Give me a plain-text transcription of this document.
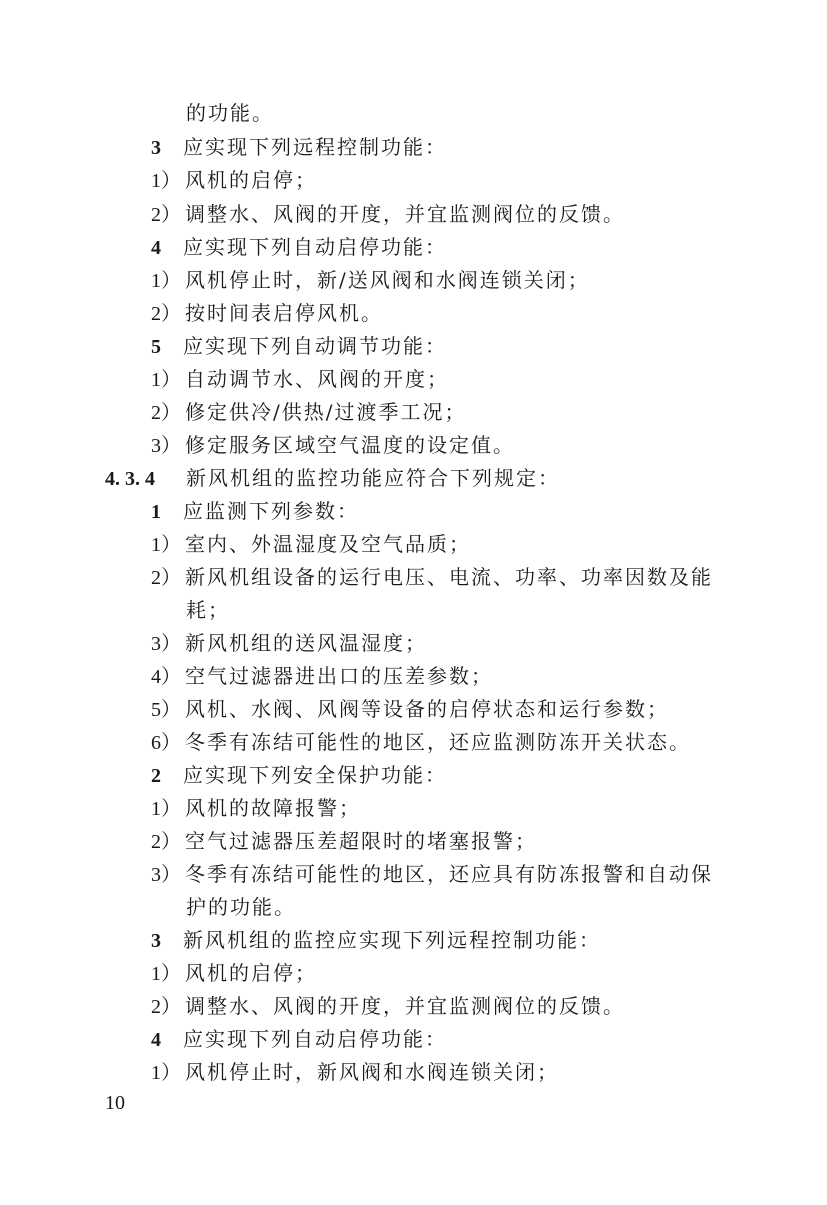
的功能。
3 应实现下列远程控制功能：
1） 风机的启停；
2） 调整水、风阀的开度，并宜监测阀位的反馈。
4 应实现下列自动启停功能：
1） 风机停止时，新/送风阀和水阀连锁关闭；
2） 按时间表启停风机。
5 应实现下列自动调节功能：
1） 自动调节水、风阀的开度；
2） 修定供冷/供热/过渡季工况；
3） 修定服务区域空气温度的设定值。
4. 3. 4 新风机组的监控功能应符合下列规定：
1 应监测下列参数：
1） 室内、外温湿度及空气品质；
2） 新风机组设备的运行电压、电流、功率、功率因数及能
耗；
3） 新风机组的送风温湿度；
4） 空气过滤器进出口的压差参数；
5） 风机、水阀、风阀等设备的启停状态和运行参数；
6） 冬季有冻结可能性的地区，还应监测防冻开关状态。
2 应实现下列安全保护功能：
1） 风机的故障报警；
2） 空气过滤器压差超限时的堵塞报警；
3） 冬季有冻结可能性的地区，还应具有防冻报警和自动保
护的功能。
3 新风机组的监控应实现下列远程控制功能：
1） 风机的启停；
2） 调整水、风阀的开度，并宜监测阀位的反馈。
4 应实现下列自动启停功能：
1） 风机停止时，新风阀和水阀连锁关闭；
10
